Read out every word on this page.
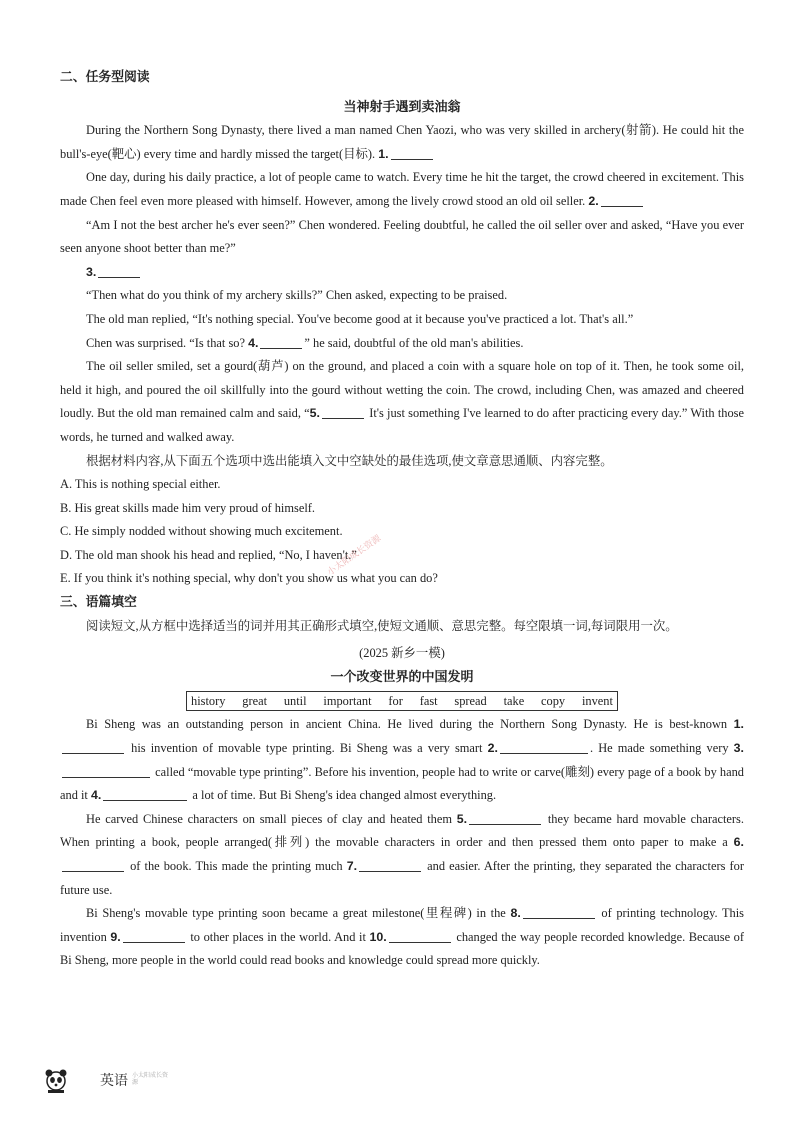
二、任务型阅读

当神射手遇到卖油翁

During the Northern Song Dynasty, there lived a man named Chen Yaozi, who was very skilled in archery(射箭). He could hit the bull's-eye(靶心) every time and hardly missed the target(目标). 1.

One day, during his daily practice, a lot of people came to watch. Every time he hit the target, the crowd cheered in excitement. This made Chen feel even more pleased with himself. However, among the lively crowd stood an old oil seller. 2.

“Am I not the best archer he's ever seen?” Chen wondered. Feeling doubtful, he called the oil seller over and asked, “Have you ever seen anyone shoot better than me?”

3.

“Then what do you think of my archery skills?” Chen asked, expecting to be praised.

The old man replied, “It's nothing special. You've become good at it because you've practiced a lot. That's all.”

Chen was surprised. “Is that so? 4.	” he said, doubtful of the old man's abilities.

The oil seller smiled, set a gourd(葫芦) on the ground, and placed a coin with a square hole on top of it. Then, he took some oil, held it high, and poured the oil skillfully into the gourd without wetting the coin. The crowd, including Chen, was amazed and cheered loudly. But the old man remained calm and said, “5.	It's just something I've learned to do after practicing every day.” With those words, he turned and walked away.

根据材料内容,从下面五个选项中选出能填入文中空缺处的最佳选项,使文章意思通顺、内容完整。

A. This is nothing special either.

B. His great skills made him very proud of himself.

C. He simply nodded without showing much excitement.

D. The old man shook his head and replied, “No, I haven't.”

E. If you think it's nothing special, why don't you show us what you can do?

三、语篇填空

阅读短文,从方框中选择适当的词并用其正确形式填空,使短文通顺、意思完整。每空限填一词,每词限用一次。

(2025 新乡一模)

一个改变世界的中国发明

history great until important for fast spread take copy invent

Bi Sheng was an outstanding person in ancient China. He lived during the Northern Song Dynasty. He is best-known 1. his invention of movable type printing. Bi Sheng was a very smart 2.	. He made something very 3. called “movable type printing”. Before his invention, people had to write or carve(雕刻) every page of a book by hand and it 4.	a lot of time. But Bi Sheng's idea changed almost everything.

He carved Chinese characters on small pieces of clay and heated them 5.	they became hard movable characters. When printing a book, people arranged(排列) the movable characters in order and then pressed them onto paper to make a 6. of the book. This made the printing much 7.	and easier. After the printing, they separated the characters for future use.

Bi Sheng's movable type printing soon became a great milestone(里程碑) in the 8.	of printing technology. This invention 9.	to other places in the world. And it 10.	changed the way people recorded knowledge. Because of Bi Sheng, more people in the world could read books and knowledge could spread more quickly.

小太阳成长资源
英语 小太阳成长资源
